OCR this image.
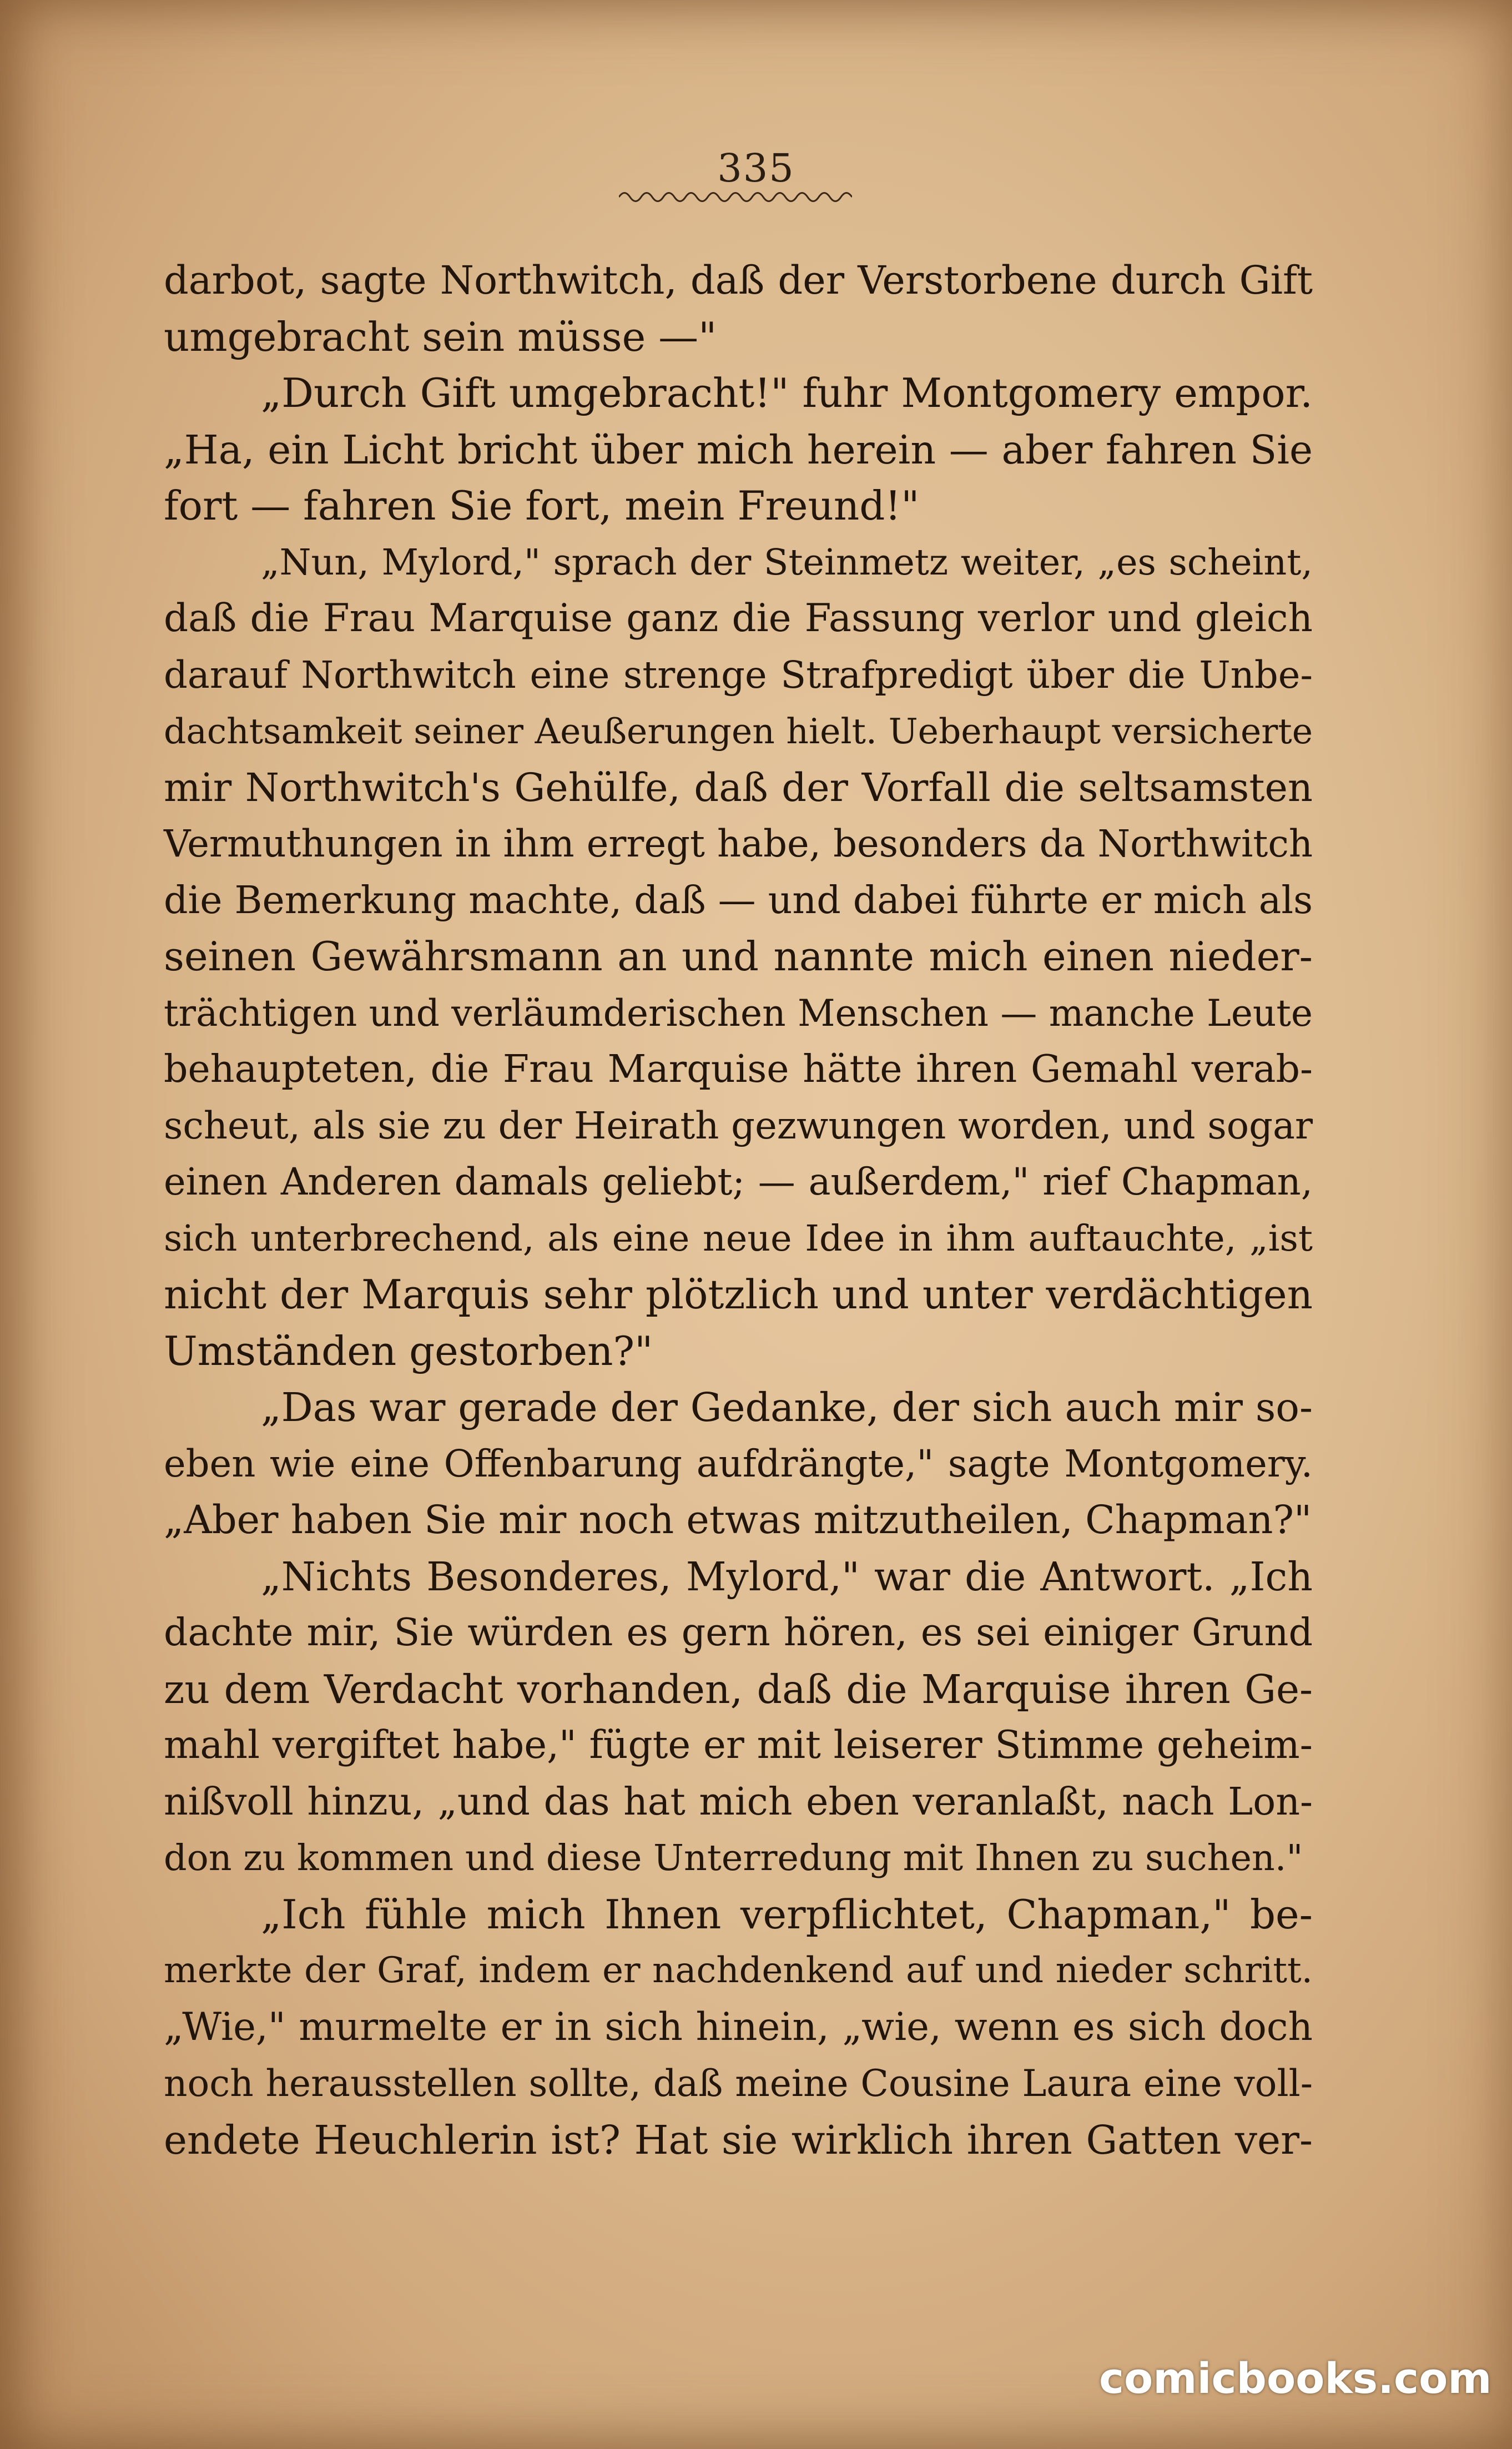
335
darbot, sagte Northwitch, daß der Verstorbene durch Gift
umgebracht sein müsse —"
„Durch Gift umgebracht!" fuhr Montgomery empor.
„Ha, ein Licht bricht über mich herein — aber fahren Sie
fort — fahren Sie fort, mein Freund!"
„Nun, Mylord," sprach der Steinmetz weiter, „es scheint,
daß die Frau Marquise ganz die Fassung verlor und gleich
darauf Northwitch eine strenge Strafpredigt über die Unbe-
dachtsamkeit seiner Aeußerungen hielt. Ueberhaupt versicherte
mir Northwitch's Gehülfe, daß der Vorfall die seltsamsten
Vermuthungen in ihm erregt habe, besonders da Northwitch
die Bemerkung machte, daß — und dabei führte er mich als
seinen Gewährsmann an und nannte mich einen nieder-
trächtigen und verläumderischen Menschen — manche Leute
behaupteten, die Frau Marquise hätte ihren Gemahl verab-
scheut, als sie zu der Heirath gezwungen worden, und sogar
einen Anderen damals geliebt; — außerdem," rief Chapman,
sich unterbrechend, als eine neue Idee in ihm auftauchte, „ist
nicht der Marquis sehr plötzlich und unter verdächtigen
Umständen gestorben?"
„Das war gerade der Gedanke, der sich auch mir so-
eben wie eine Offenbarung aufdrängte," sagte Montgomery.
„Aber haben Sie mir noch etwas mitzutheilen, Chapman?"
„Nichts Besonderes, Mylord," war die Antwort. „Ich
dachte mir, Sie würden es gern hören, es sei einiger Grund
zu dem Verdacht vorhanden, daß die Marquise ihren Ge-
mahl vergiftet habe," fügte er mit leiserer Stimme geheim-
nißvoll hinzu, „und das hat mich eben veranlaßt, nach Lon-
don zu kommen und diese Unterredung mit Ihnen zu suchen."
„Ich fühle mich Ihnen verpflichtet, Chapman," be-
merkte der Graf, indem er nachdenkend auf und nieder schritt.
„Wie," murmelte er in sich hinein, „wie, wenn es sich doch
noch herausstellen sollte, daß meine Cousine Laura eine voll-
endete Heuchlerin ist? Hat sie wirklich ihren Gatten ver-
comicbooks.com
